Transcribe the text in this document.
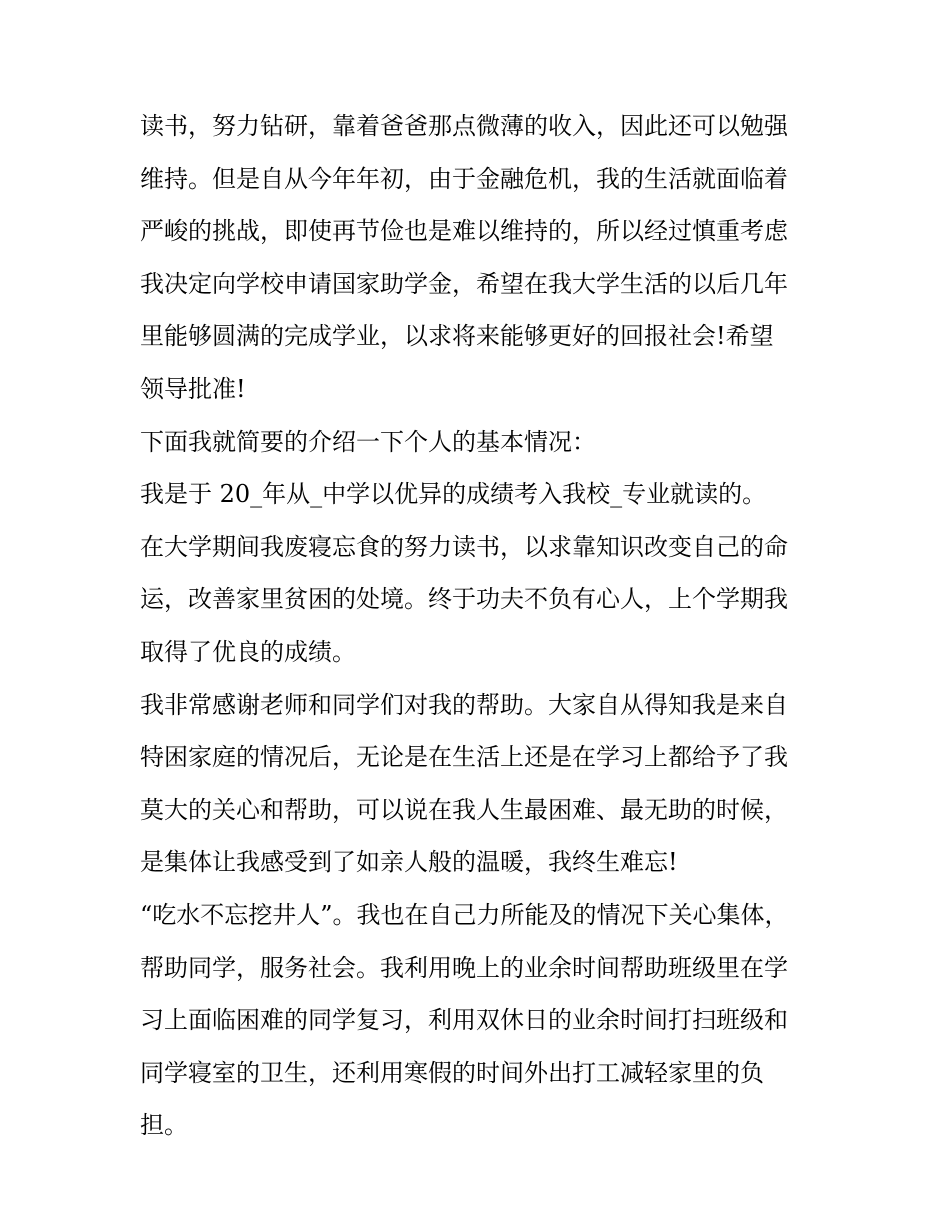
读书，努力钻研，靠着爸爸那点微薄的收入，因此还可以勉强
维持。但是自从今年年初，由于金融危机，我的生活就面临着
严峻的挑战，即使再节俭也是难以维持的，所以经过慎重考虑
我决定向学校申请国家助学金，希望在我大学生活的以后几年
里能够圆满的完成学业，以求将来能够更好的回报社会!希望
领导批准!

下面我就简要的介绍一下个人的基本情况：

我是于 20_年从_中学以优异的成绩考入我校_专业就读的。

在大学期间我废寝忘食的努力读书，以求靠知识改变自己的命
运，改善家里贫困的处境。终于功夫不负有心人，上个学期我
取得了优良的成绩。

我非常感谢老师和同学们对我的帮助。大家自从得知我是来自
特困家庭的情况后，无论是在生活上还是在学习上都给予了我
莫大的关心和帮助，可以说在我人生最困难、最无助的时候，
是集体让我感受到了如亲人般的温暖，我终生难忘!

“吃水不忘挖井人”。我也在自己力所能及的情况下关心集体，
帮助同学，服务社会。我利用晚上的业余时间帮助班级里在学
习上面临困难的同学复习，利用双休日的业余时间打扫班级和
同学寝室的卫生，还利用寒假的时间外出打工减轻家里的负
担。
